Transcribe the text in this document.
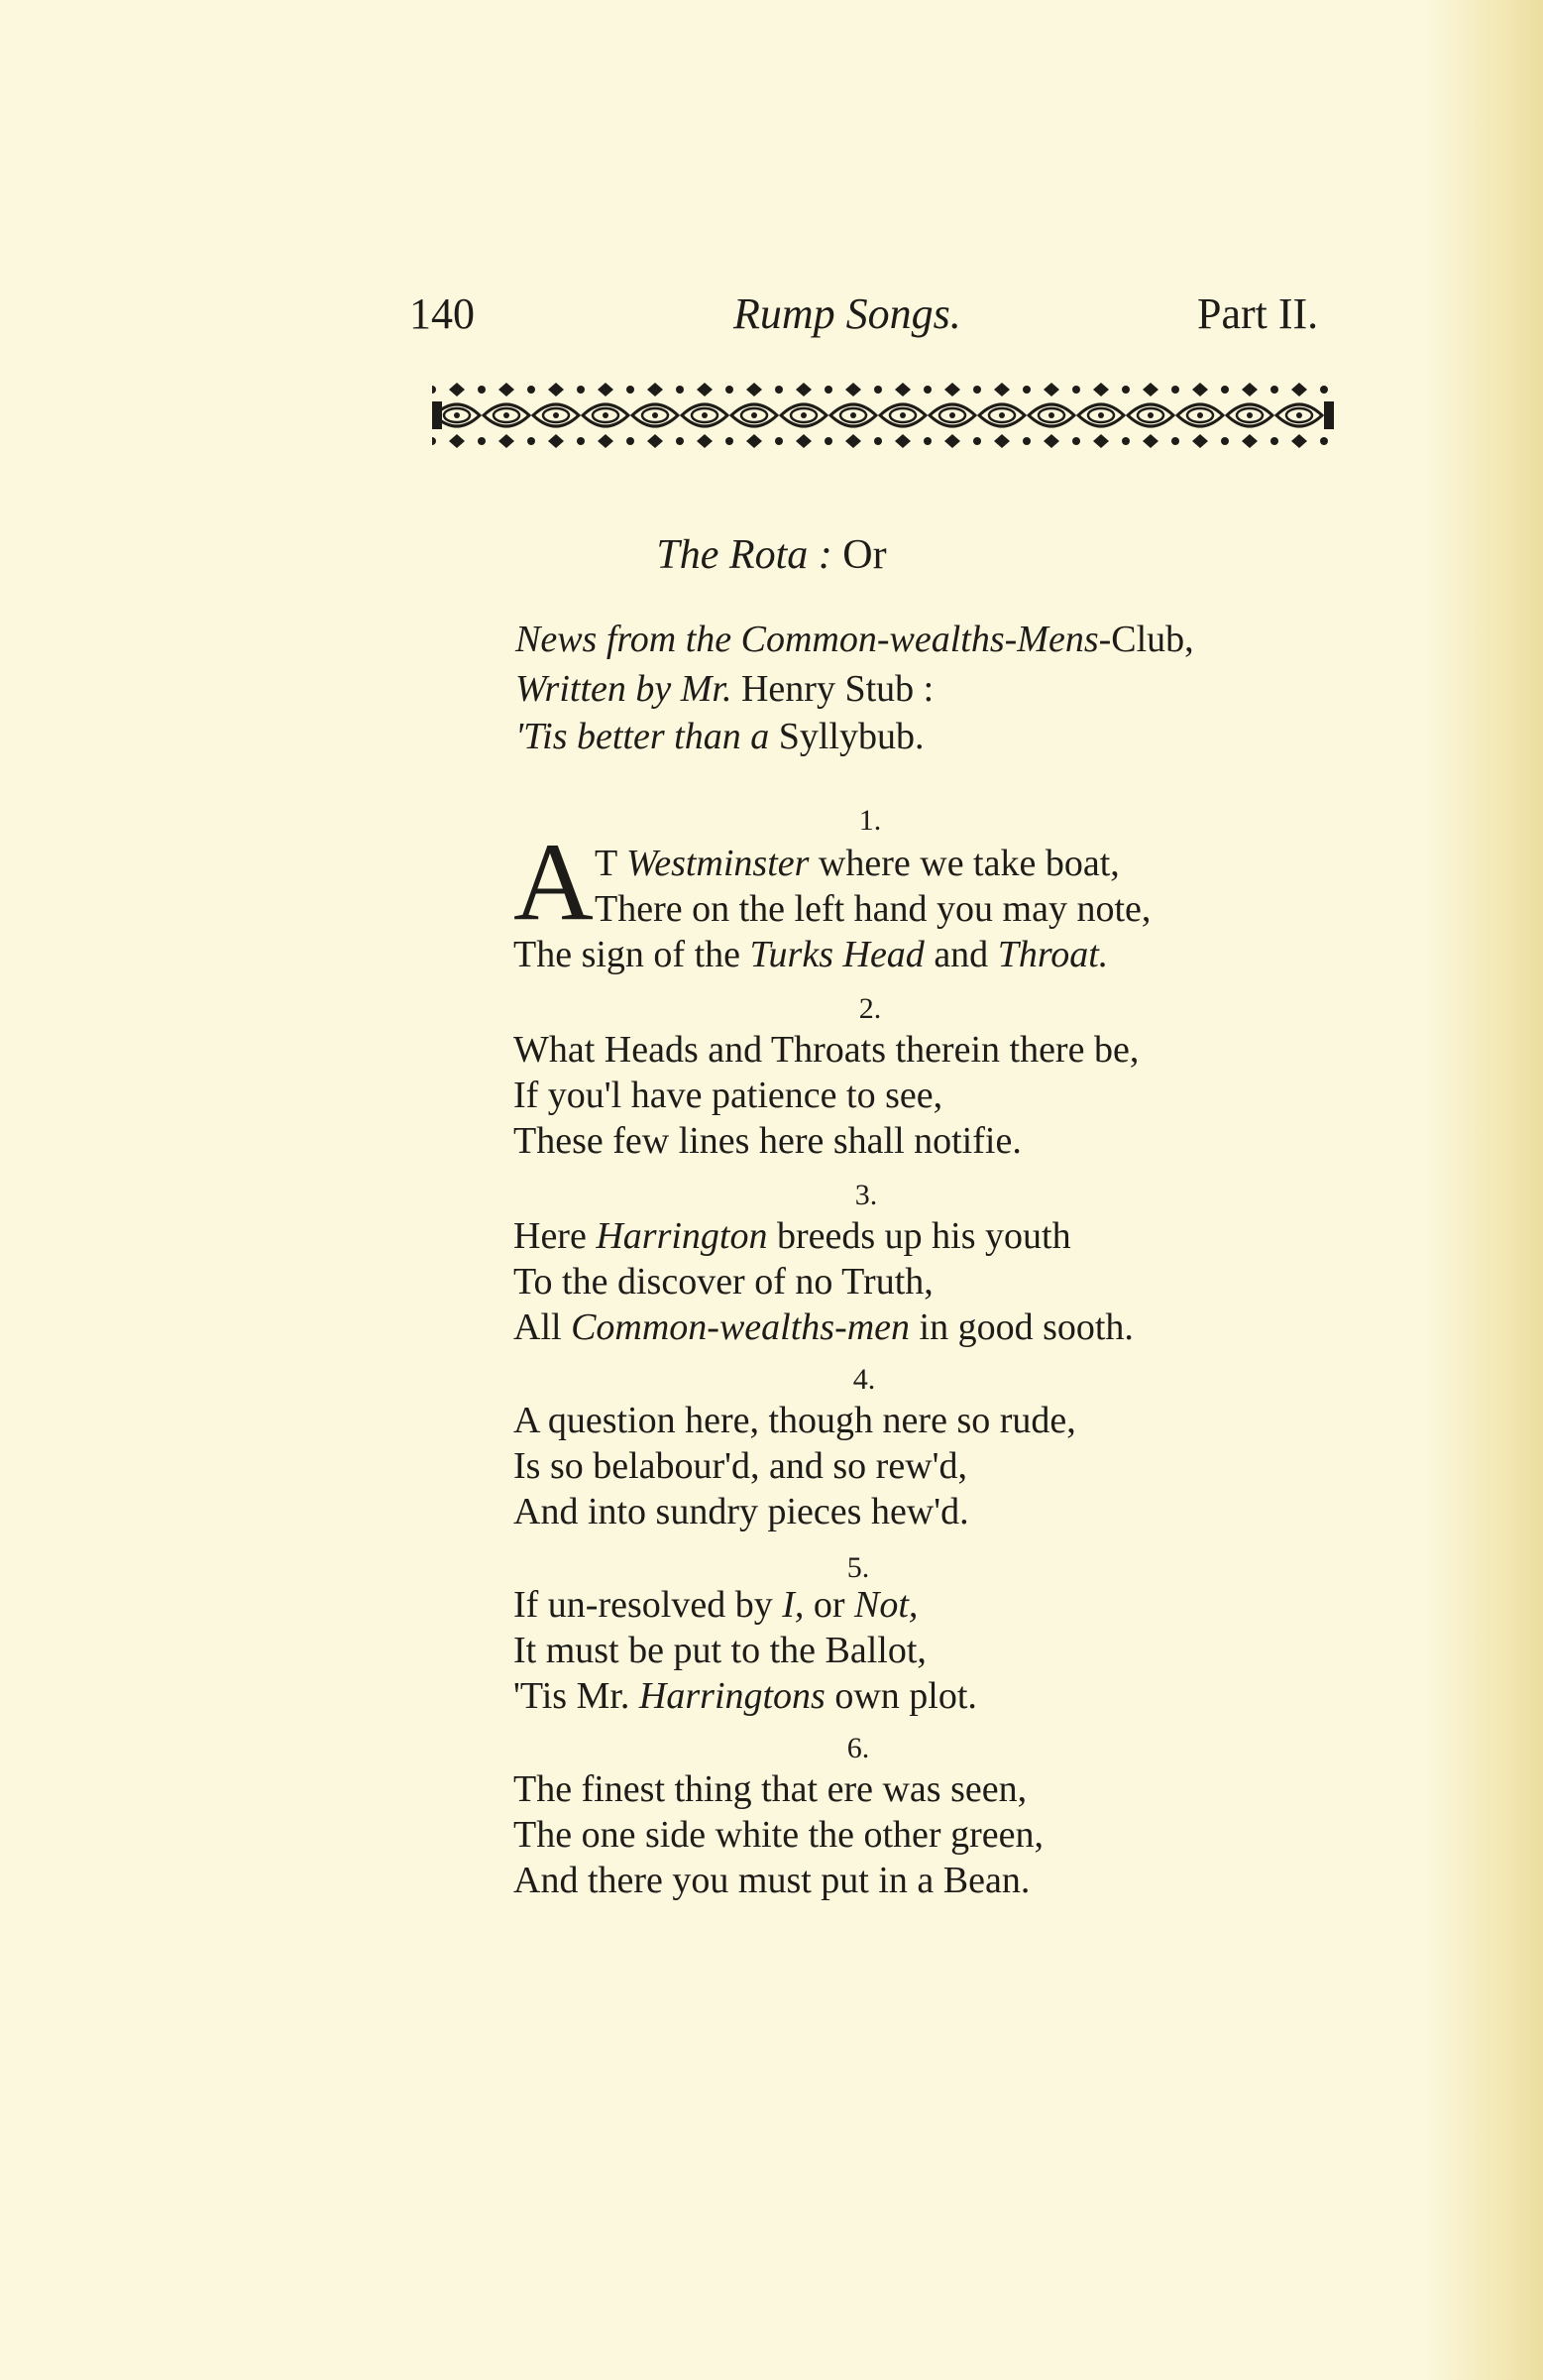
140	Rump Songs.	Part II.
The Rota : Or
News from the Common-wealths-Mens-Club,
Written by Mr. Henry Stub :
'Tis better than a Syllybub.
1.
A T Westminster where we take boat,
There on the left hand you may note,
The sign of the Turks Head and Throat.
2.
What Heads and Throats therein there be,
If you'l have patience to see,
These few lines here shall notifie.
3.
Here Harrington breeds up his youth
To the discover of no Truth,
All Common-wealths-men in good sooth.
4.
A question here, though nere so rude,
Is so belabour'd, and so rew'd,
And into sundry pieces hew'd.
5.
If un-resolved by I, or Not,
It must be put to the Ballot,
'Tis Mr. Harringtons own plot.
6.
The finest thing that ere was seen,
The one side white the other green,
And there you must put in a Bean.
